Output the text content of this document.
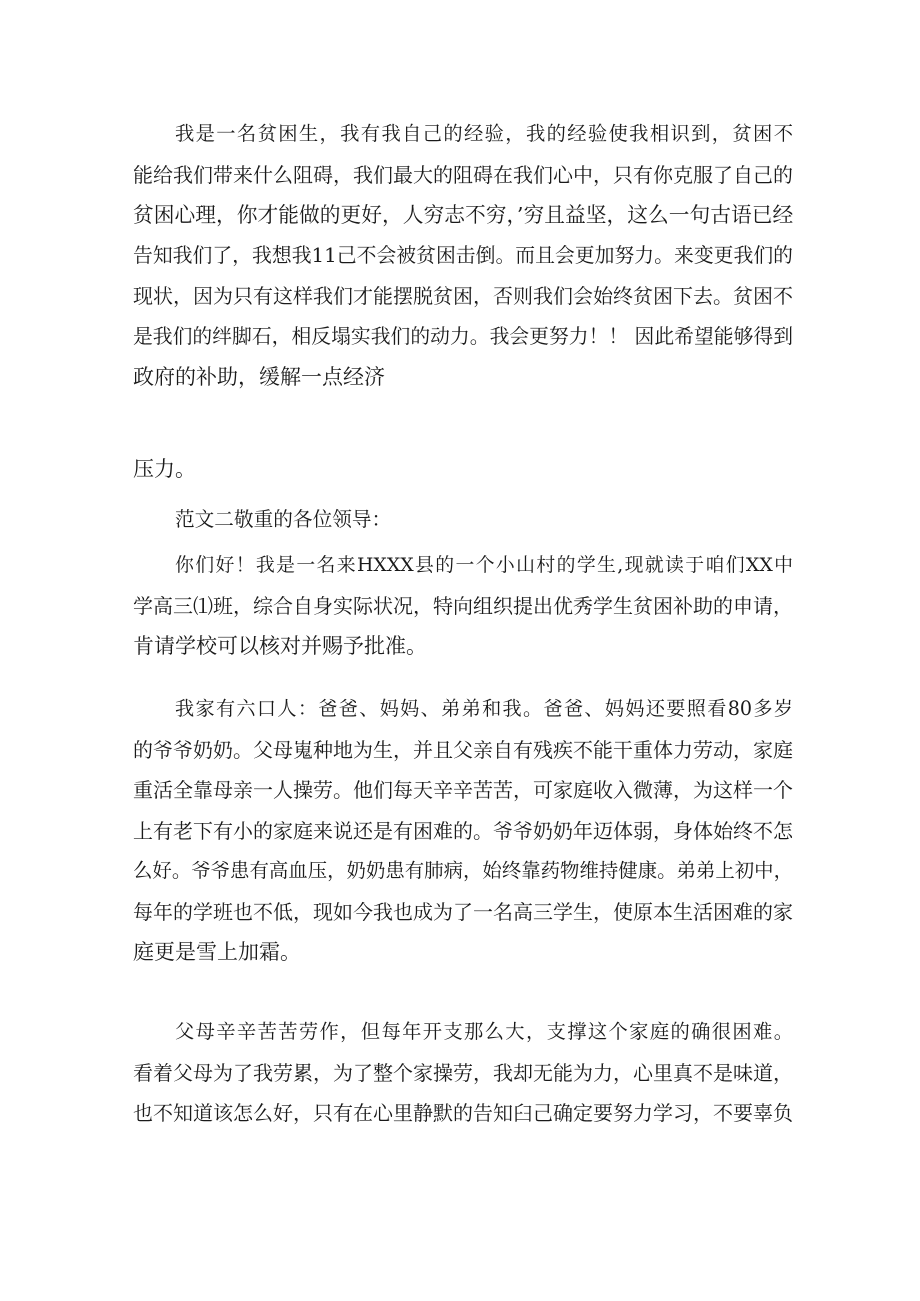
我是一名贫困生，我有我自己的经验，我的经验使我相识到，贫困不
能给我们带来什么阻碍，我们最大的阻碍在我们心中，只有你克服了自己的
贫困心理，你才能做的更好，人穷志不穷，’穷且益坚，这么一句古语已经
告知我们了，我想我11己不会被贫困击倒。而且会更加努力。来变更我们的
现状，因为只有这样我们才能摆脱贫困，否则我们会始终贫困下去。贫困不
是我们的绊脚石，相反塌实我们的动力。我会更努力！！ 因此希望能够得到
政府的补助，缓解一点经济
压力。
范文二敬重的各位领导：
你们好！我是一名来HXXX县的一个小山村的学生,现就读于咱们XX中
学高三⑴班，综合自身实际状况，特向组织提出优秀学生贫困补助的申请，
肯请学校可以核对并赐予批准。
我家有六口人：爸爸、妈妈、弟弟和我。爸爸、妈妈还要照看80多岁
的爷爷奶奶。父母嵬种地为生，并且父亲自有残疾不能干重体力劳动，家庭
重活全靠母亲一人操劳。他们每天辛辛苦苦，可家庭收入微薄，为这样一个
上有老下有小的家庭来说还是有困难的。爷爷奶奶年迈体弱，身体始终不怎
么好。爷爷患有高血压，奶奶患有肺病，始终靠药物维持健康。弟弟上初中，
每年的学班也不低，现如今我也成为了一名高三学生，使原本生活困难的家
庭更是雪上加霜。
父母辛辛苦苦劳作，但每年开支那么大，支撑这个家庭的确很困难。
看着父母为了我劳累，为了整个家操劳，我却无能为力，心里真不是味道，
也不知道该怎么好，只有在心里静默的告知臼己确定要努力学习，不要辜负
